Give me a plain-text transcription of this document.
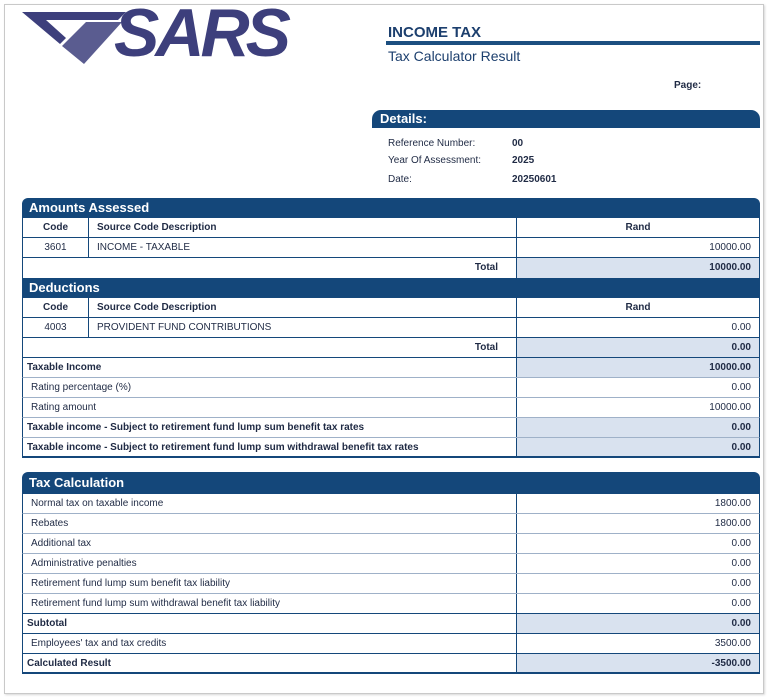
SARS	INCOME TAX
Tax Calculator Result
Page:
Details:
Reference Number:	00
Year Of Assessment:	2025
Date:	20250601
Amounts Assessed
Code	Source Code Description	Rand
3601	INCOME - TAXABLE	10000.00
Total	10000.00
Deductions
Code	Source Code Description	Rand
4003	PROVIDENT FUND CONTRIBUTIONS	0.00
Total	0.00
Taxable Income	10000.00
Rating percentage (%)	0.00
Rating amount	10000.00
Taxable income - Subject to retirement fund lump sum benefit tax rates	0.00
Taxable income - Subject to retirement fund lump sum withdrawal benefit tax rates	0.00
Tax Calculation
Normal tax on taxable income	1800.00
Rebates	1800.00
Additional tax	0.00
Administrative penalties	0.00
Retirement fund lump sum benefit tax liability	0.00
Retirement fund lump sum withdrawal benefit tax liability	0.00
Subtotal	0.00
Employees' tax and tax credits	3500.00
Calculated Result	-3500.00
